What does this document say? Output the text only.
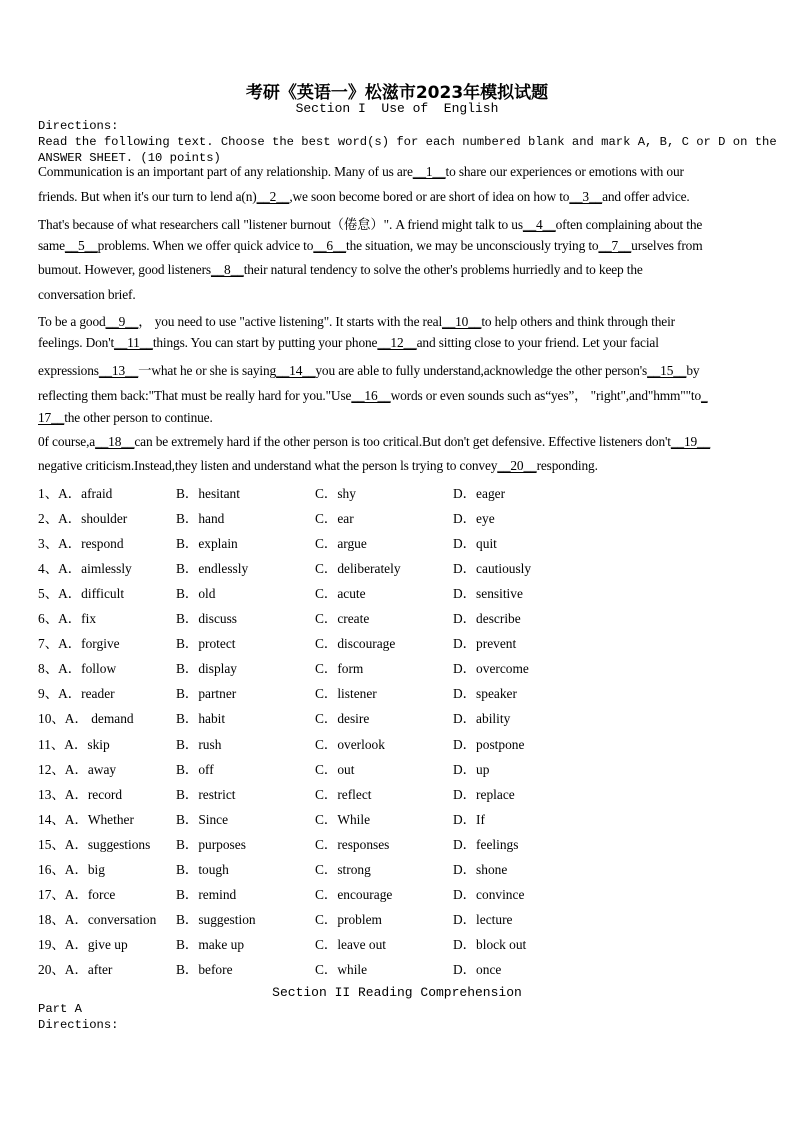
考研《英语一》松滋市2023年模拟试题
Section I  Use of  English
Directions:
Read the following text. Choose the best word(s) for each numbered blank and mark A, B, C or D on the
ANSWER SHEET. (10 points)
Communication is an important part of any relationship. Many of us are__1__to share our experiences or emotions with our
friends. But when it's our turn to lend a(n)__2__,we soon become bored or are short of idea on how to__3__and offer advice.
That's because of what researchers call "listener burnout（倦怠）". A friend might talk to us__4__often complaining about the
same__5__problems. When we offer quick advice to__6__the situation, we may be unconsciously trying to__7__urselves from
bumout. However, good listeners__8__their natural tendency to solve the other's problems hurriedly and to keep the
conversation brief.
To be a good__9__， you need to use "active listening". It starts with the real__10__to help others and think through their
feelings. Don't__11__things. You can start by putting your phone__12__and sitting close to your friend. Let your facial
expressions__13__一what he or she is saying__14__you are able to fully understand,acknowledge the other person's__15__by
reflecting them back:"That must be really hard for you."Use__16__words or even sounds such as“yes”， "right",and"hmm""to_
17__the other person to continue.
0f course,a__18__can be extremely hard if the other person is too critical.But don't get defensive. Effective listeners don't__19__
negative criticism.Instead,they listen and understand what the person ls trying to convey__20__responding.
1、A．afraid	B．hesitant	C．shy	D．eager
2、A．shoulder	B．hand	C．ear	D．eye
3、A．respond	B．explain	C．argue	D．quit
4、A．aimlessly	B．endlessly	C．deliberately	D．cautiously
5、A．difficult	B．old	C．acute	D．sensitive
6、A．fix	B．discuss	C．create	D．describe
7、A．forgive	B．protect	C．discourage	D．prevent
8、A．follow	B．display	C．form	D．overcome
9、A．reader	B．partner	C．listener	D．speaker
10、A． demand	B．habit	C．desire	D．ability
11、A．skip	B．rush	C．overlook	D．postpone
12、A．away	B．off	C．out	D．up
13、A．record	B．restrict	C．reflect	D．replace
14、A．Whether	B．Since	C．While	D．If
15、A．suggestions B．purposes	C．responses	D．feelings
16、A．big	B．tough	C．strong	D．shone
17、A．force	B．remind	C．encourage	D．convince
18、A．conversation B．suggestion	C．problem	D．lecture
19、A．give up	B．make up	C．leave out	D．block out
20、A．after	B．before	C．while	D．once
Section II Reading Comprehension
Part A
Directions:
